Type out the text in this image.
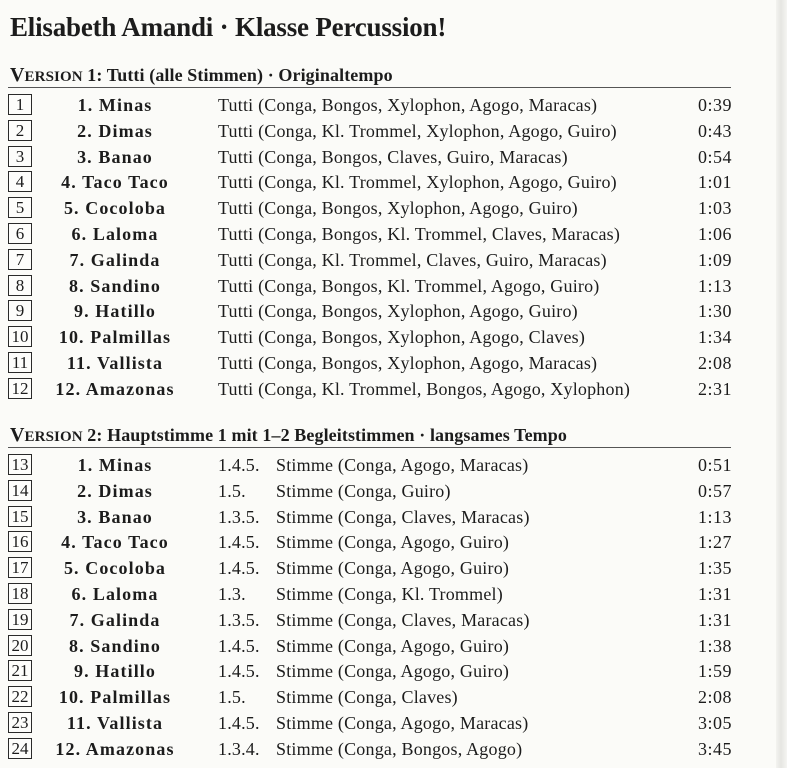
Elisabeth Amandi · Klasse Percussion!
VERSION 1: Tutti (alle Stimmen) · Originaltempo
1	1. Minas	Tutti (Conga, Bongos, Xylophon, Agogo, Maracas)	0:39
2	2. Dimas	Tutti (Conga, Kl. Trommel, Xylophon, Agogo, Guiro)	0:43
3	3. Banao	Tutti (Conga, Bongos, Claves, Guiro, Maracas)	0:54
4	4. Taco Taco	Tutti (Conga, Kl. Trommel, Xylophon, Agogo, Guiro)	1:01
5	5. Cocoloba	Tutti (Conga, Bongos, Xylophon, Agogo, Guiro)	1:03
6	6. Laloma	Tutti (Conga, Bongos, Kl. Trommel, Claves, Maracas)	1:06
7	7. Galinda	Tutti (Conga, Kl. Trommel, Claves, Guiro, Maracas)	1:09
8	8. Sandino	Tutti (Conga, Bongos, Kl. Trommel, Agogo, Guiro)	1:13
9	9. Hatillo	Tutti (Conga, Bongos, Xylophon, Agogo, Guiro)	1:30
10	10. Palmillas	Tutti (Conga, Bongos, Xylophon, Agogo, Claves)	1:34
11	11. Vallista	Tutti (Conga, Bongos, Xylophon, Agogo, Maracas)	2:08
12	12. Amazonas	Tutti (Conga, Kl. Trommel, Bongos, Agogo, Xylophon)	2:31
VERSION 2: Hauptstimme 1 mit 1–2 Begleitstimmen · langsames Tempo
13	1. Minas	1.4.5. Stimme (Conga, Agogo, Maracas)	0:51
14	2. Dimas	1.5. Stimme (Conga, Guiro)	0:57
15	3. Banao	1.3.5. Stimme (Conga, Claves, Maracas)	1:13
16	4. Taco Taco	1.4.5. Stimme (Conga, Agogo, Guiro)	1:27
17	5. Cocoloba	1.4.5. Stimme (Conga, Agogo, Guiro)	1:35
18	6. Laloma	1.3. Stimme (Conga, Kl. Trommel)	1:31
19	7. Galinda	1.3.5. Stimme (Conga, Claves, Maracas)	1:31
20	8. Sandino	1.4.5. Stimme (Conga, Agogo, Guiro)	1:38
21	9. Hatillo	1.4.5. Stimme (Conga, Agogo, Guiro)	1:59
22	10. Palmillas	1.5. Stimme (Conga, Claves)	2:08
23	11. Vallista	1.4.5. Stimme (Conga, Agogo, Maracas)	3:05
24	12. Amazonas	1.3.4. Stimme (Conga, Bongos, Agogo)	3:45
